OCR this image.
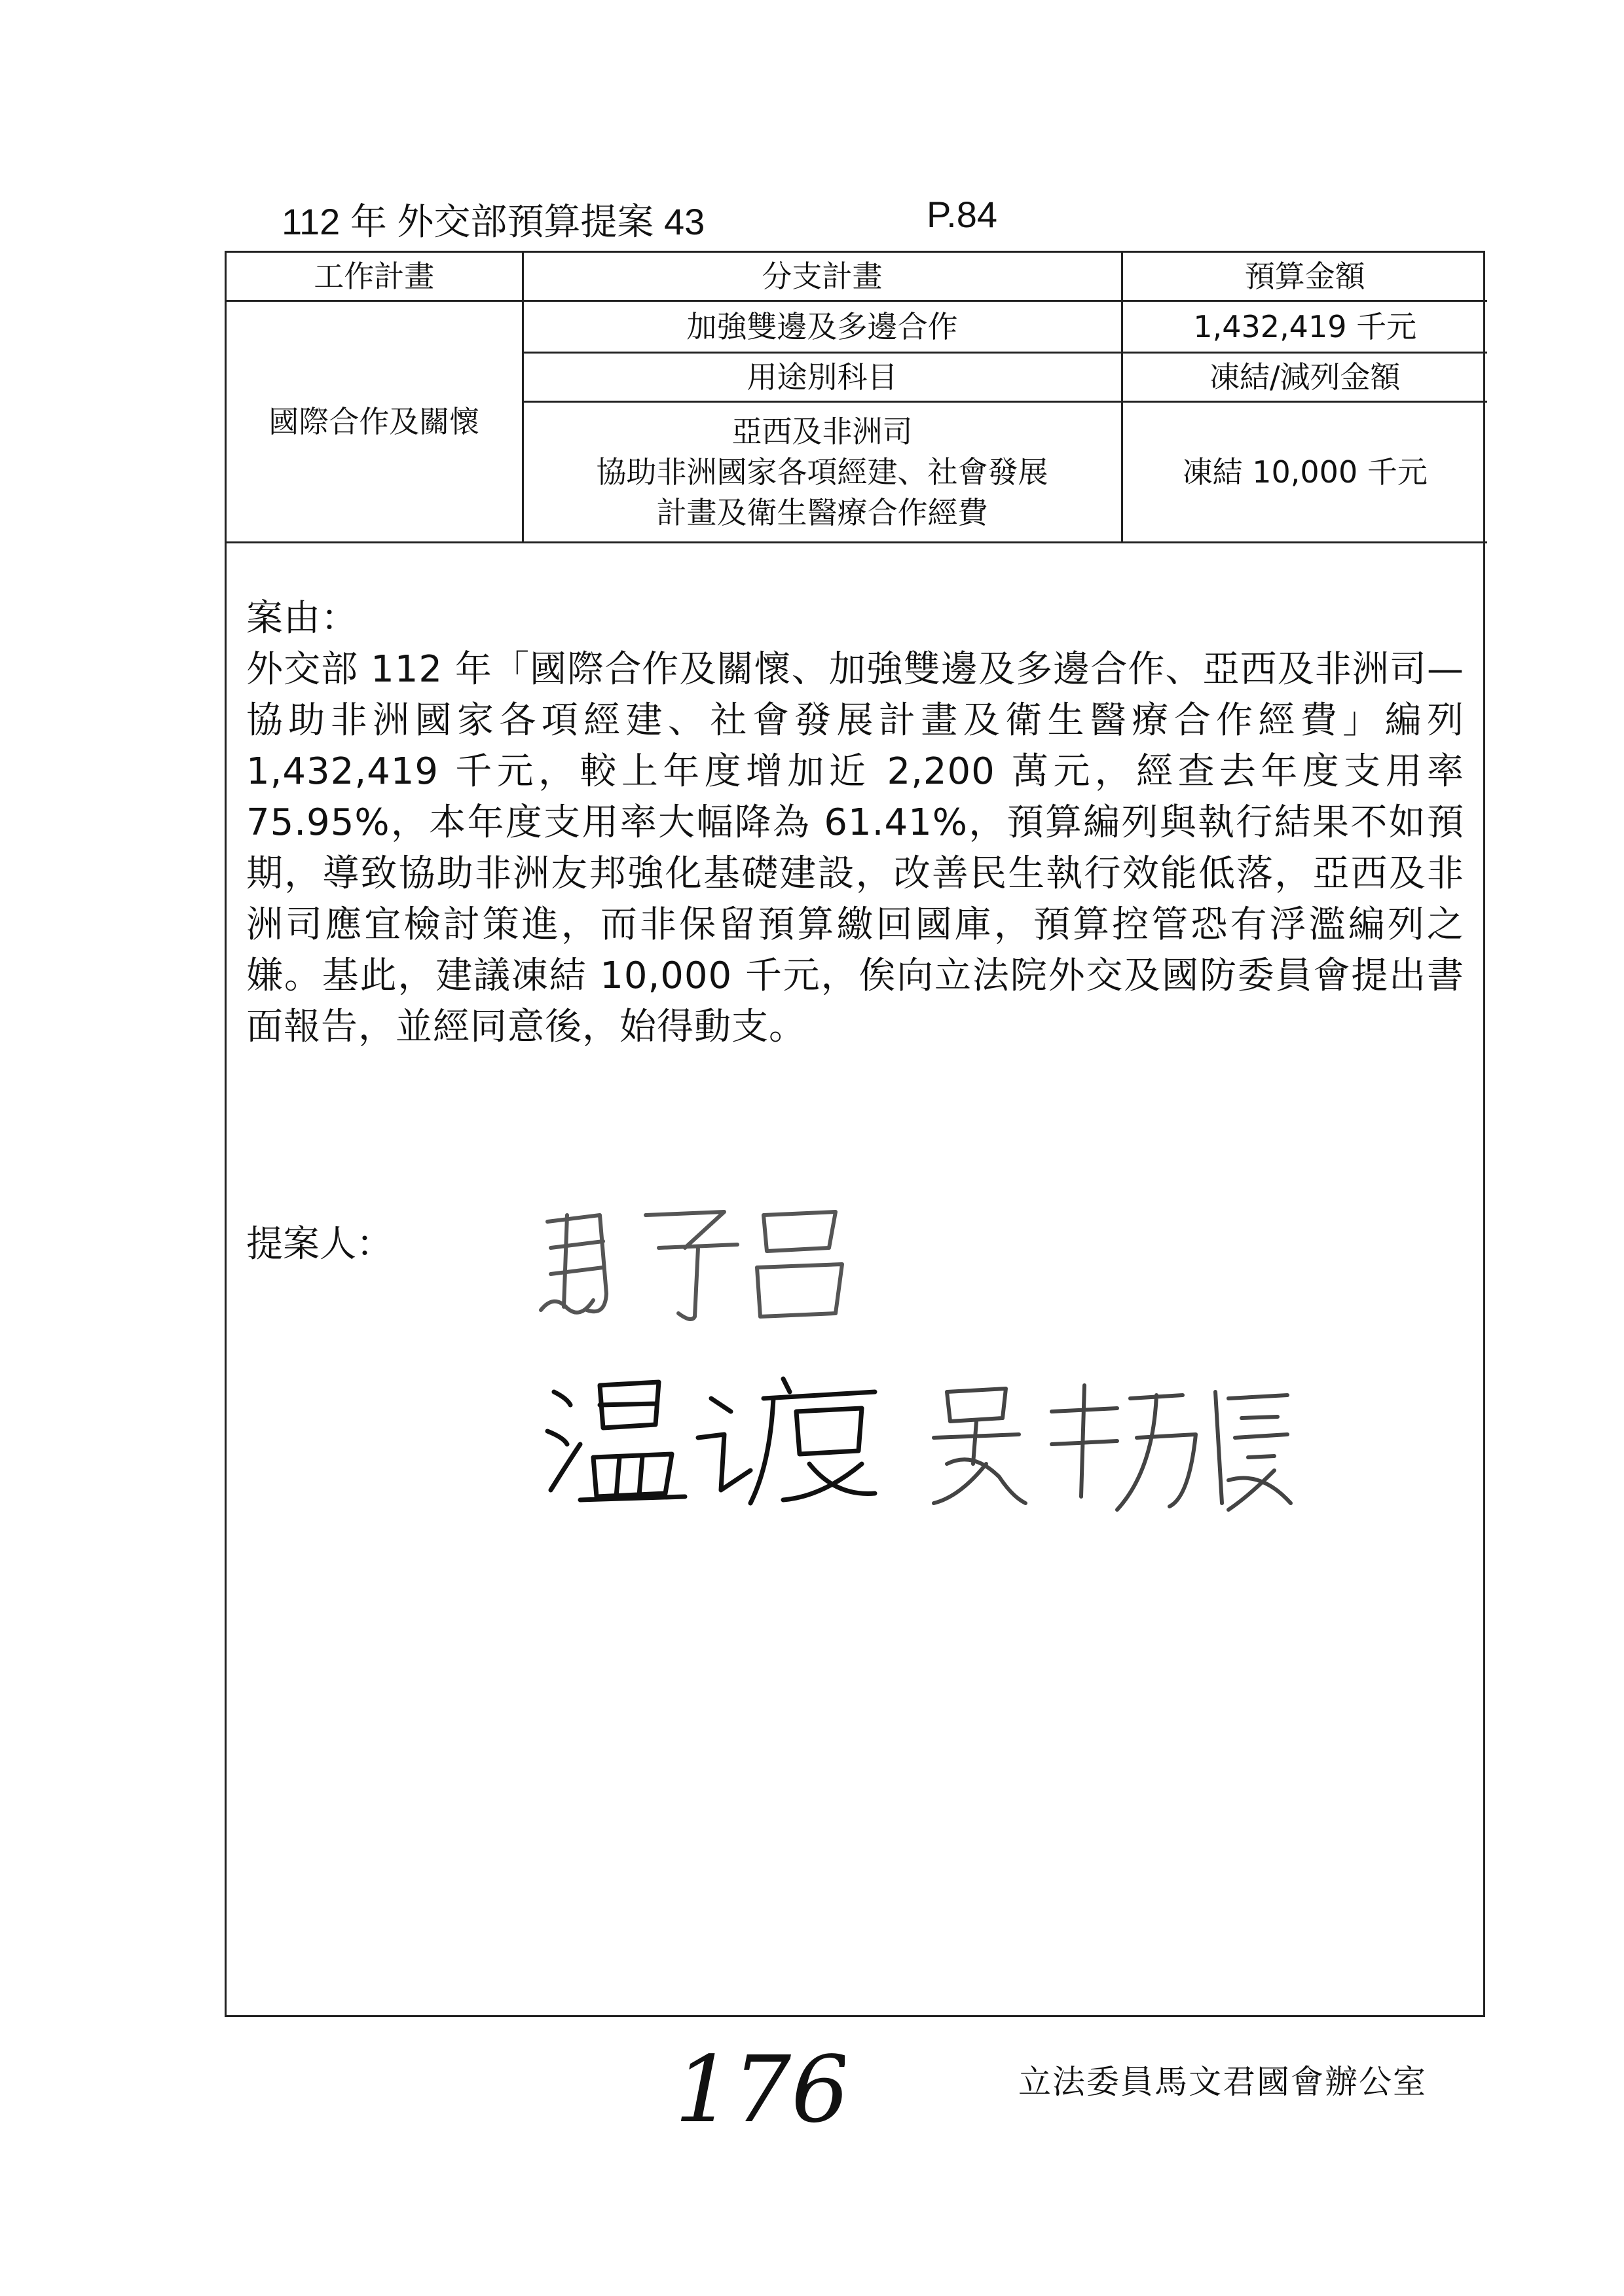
112 年 外交部預算提案 43	P.84
工作計畫	分支計畫	預算金額
國際合作及關懷	加強雙邊及多邊合作	1,432,419 千元
	用途別科目	凍結/減列金額

	亞西及非洲司
協助非洲國家各項經建、社會發展
計畫及衛生醫療合作經費	凍結 10,000 千元
案由：
外交部 112 年「國際合作及關懷、加強雙邊及多邊合作、亞西及非洲司—協助非洲國家各項經建、社會發展計畫及衛生醫療合作經費」編列 1,432,419 千元，較上年度增加近 2,200 萬元，經查去年度支用率 75.95%，本年度支用率大幅降為 61.41%，預算編列與執行結果不如預期，導致協助非洲友邦強化基礎建設，改善民生執行效能低落，亞西及非洲司應宜檢討策進，而非保留預算繳回國庫，預算控管恐有浮濫編列之嫌。基此，建議凍結 10,000 千元，俟向立法院外交及國防委員會提出書面報告，並經同意後，始得動支。
提案人：
176	立法委員馬文君國會辦公室
